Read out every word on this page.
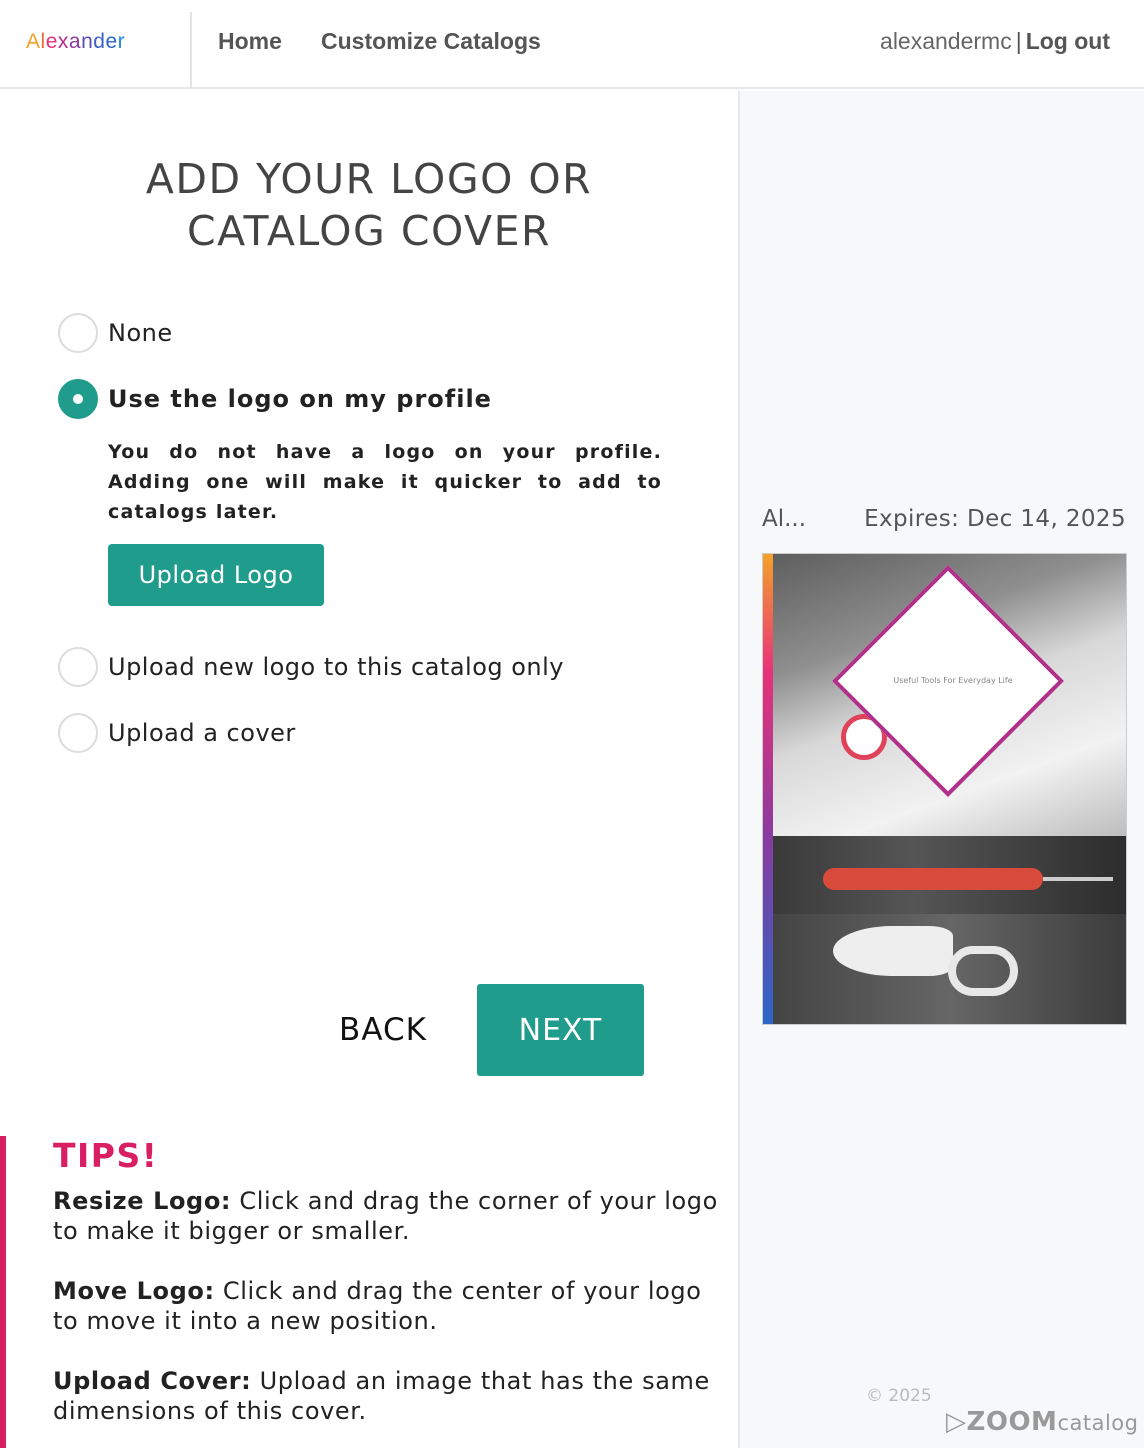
Alexander	Home Customize Catalogs	alexandermc | Log out
ADD YOUR LOGO OR
CATALOG COVER
None
Use the logo on my profile

You do not have a logo on your profile. Adding one will make it quicker to add to catalogs later.

Upload Logo
Upload new logo to this catalog only
Upload a cover
BACK	NEXT
TIPS!

Resize Logo: Click and drag the corner of your logo to make it bigger or smaller.

Move Logo: Click and drag the center of your logo to move it into a new position.

Upload Cover: Upload an image that has the same dimensions of this cover.

Al...	Expires: Dec 14, 2025
Useful Tools For Everyday Life
© 2025
▷ZOOMcatalog
